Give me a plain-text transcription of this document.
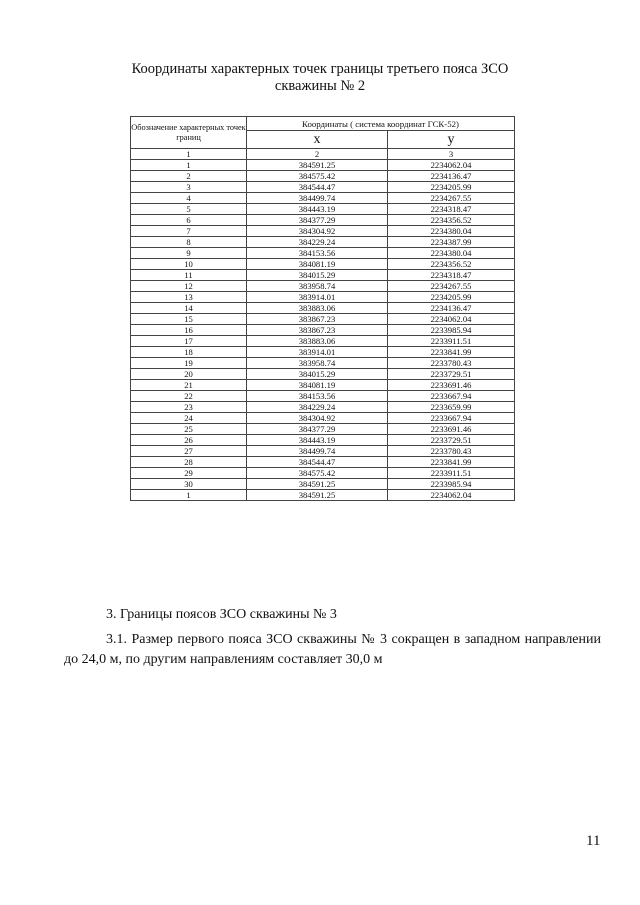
Координаты характерных точек границы третьего пояса ЗСО
скважины № 2
Обозначение характерных точек границ	Координаты ( система координат ГСК-52)	
	x	y
1	2	3
1	384591.25	2234062.04
2	384575.42	2234136.47
3	384544.47	2234205.99
4	384499.74	2234267.55
5	384443.19	2234318.47
6	384377.29	2234356.52
7	384304.92	2234380.04
8	384229.24	2234387.99
9	384153.56	2234380.04
10	384081.19	2234356.52
11	384015.29	2234318.47
12	383958.74	2234267.55
13	383914.01	2234205.99
14	383883.06	2234136.47
15	383867.23	2234062.04
16	383867.23	2233985.94
17	383883.06	2233911.51
18	383914.01	2233841.99
19	383958.74	2233780.43
20	384015.29	2233729.51
21	384081.19	2233691.46
22	384153.56	2233667.94
23	384229.24	2233659.99
24	384304.92	2233667.94
25	384377.29	2233691.46
26	384443.19	2233729.51
27	384499.74	2233780.43
28	384544.47	2233841.99
29	384575.42	2233911.51
30	384591.25	2233985.94
1	384591.25	2234062.04
3. Границы поясов ЗСО скважины № 3
3.1. Размер первого пояса ЗСО скважины № 3 сокращен в западном направлении до 24,0 м, по другим направлениям составляет 30,0 м
11
